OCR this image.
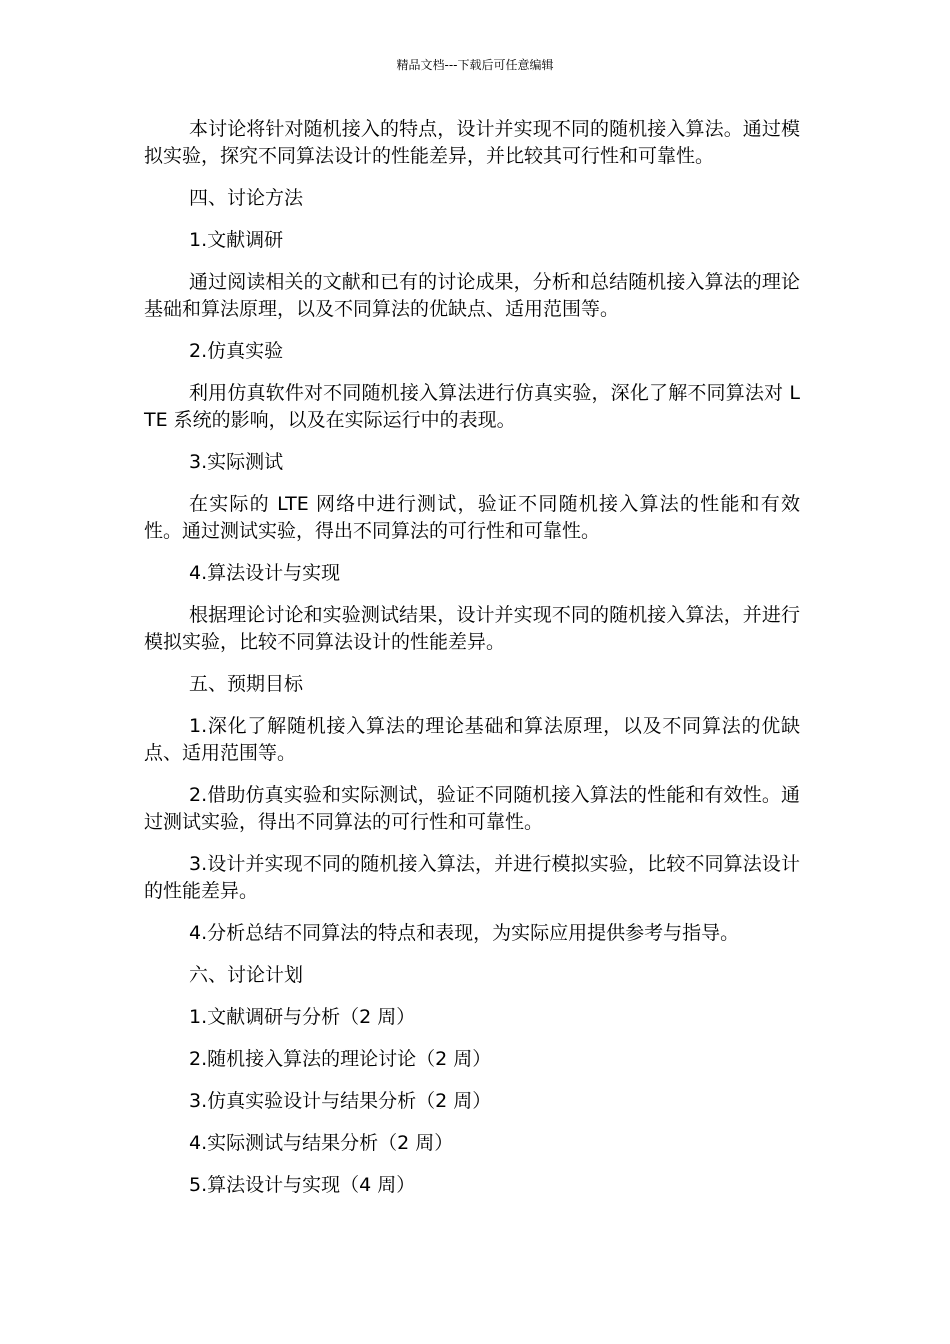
精品文档---下载后可任意编辑

本讨论将针对随机接入的特点，设计并实现不同的随机接入算法。通过模拟实验，探究不同算法设计的性能差异，并比较其可行性和可靠性。

四、讨论方法

1.文献调研

通过阅读相关的文献和已有的讨论成果，分析和总结随机接入算法的理论基础和算法原理，以及不同算法的优缺点、适用范围等。

2.仿真实验

利用仿真软件对不同随机接入算法进行仿真实验，深化了解不同算法对 LTE 系统的影响，以及在实际运行中的表现。

3.实际测试

在实际的 LTE 网络中进行测试，验证不同随机接入算法的性能和有效性。通过测试实验，得出不同算法的可行性和可靠性。

4.算法设计与实现

根据理论讨论和实验测试结果，设计并实现不同的随机接入算法，并进行模拟实验，比较不同算法设计的性能差异。

五、预期目标

1.深化了解随机接入算法的理论基础和算法原理，以及不同算法的优缺点、适用范围等。

2.借助仿真实验和实际测试，验证不同随机接入算法的性能和有效性。通过测试实验，得出不同算法的可行性和可靠性。

3.设计并实现不同的随机接入算法，并进行模拟实验，比较不同算法设计的性能差异。

4.分析总结不同算法的特点和表现，为实际应用提供参考与指导。

六、讨论计划

1.文献调研与分析（2 周）

2.随机接入算法的理论讨论（2 周）

3.仿真实验设计与结果分析（2 周）

4.实际测试与结果分析（2 周）

5.算法设计与实现（4 周）
